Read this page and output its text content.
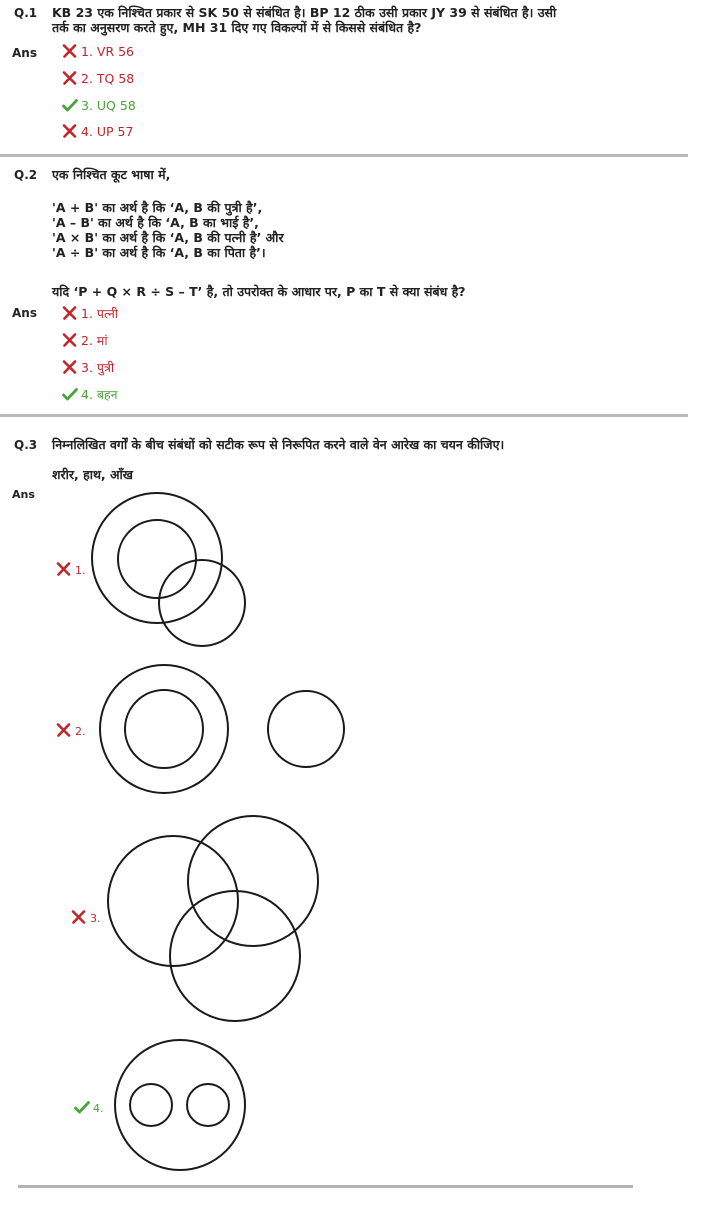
Q.1 KB 23 एक निश्चित प्रकार से SK 50 से संबंधित है। BP 12 ठीक उसी प्रकार JY 39 से संबंधित है। उसी
तर्क का अनुसरण करते हुए, MH 31 दिए गए विकल्पों में से किससे संबंधित है?
Ans	1. VR 56
2. TQ 58
3. UQ 58
4. UP 57
Q.2 एक निश्चित कूट भाषा में,
'A + B' का अर्थ है कि ‘A, B की पुत्री है’,
'A – B' का अर्थ है कि ‘A, B का भाई है’,
'A × B' का अर्थ है कि ‘A, B की पत्नी है’ और
'A ÷ B' का अर्थ है कि ‘A, B का पिता है’।
यदि ‘P + Q × R ÷ S – T’ है, तो उपरोक्त के आधार पर, P का T से क्या संबंध है?
Ans	1. पत्नी
2. मां
3. पुत्री
4. बहन
Q.3 निम्नलिखित वर्गों के बीच संबंधों को सटीक रूप से निरूपित करने वाले वेन आरेख का चयन कीजिए।
शरीर, हाथ, आँख
Ans
1.
2.
3.
4.
